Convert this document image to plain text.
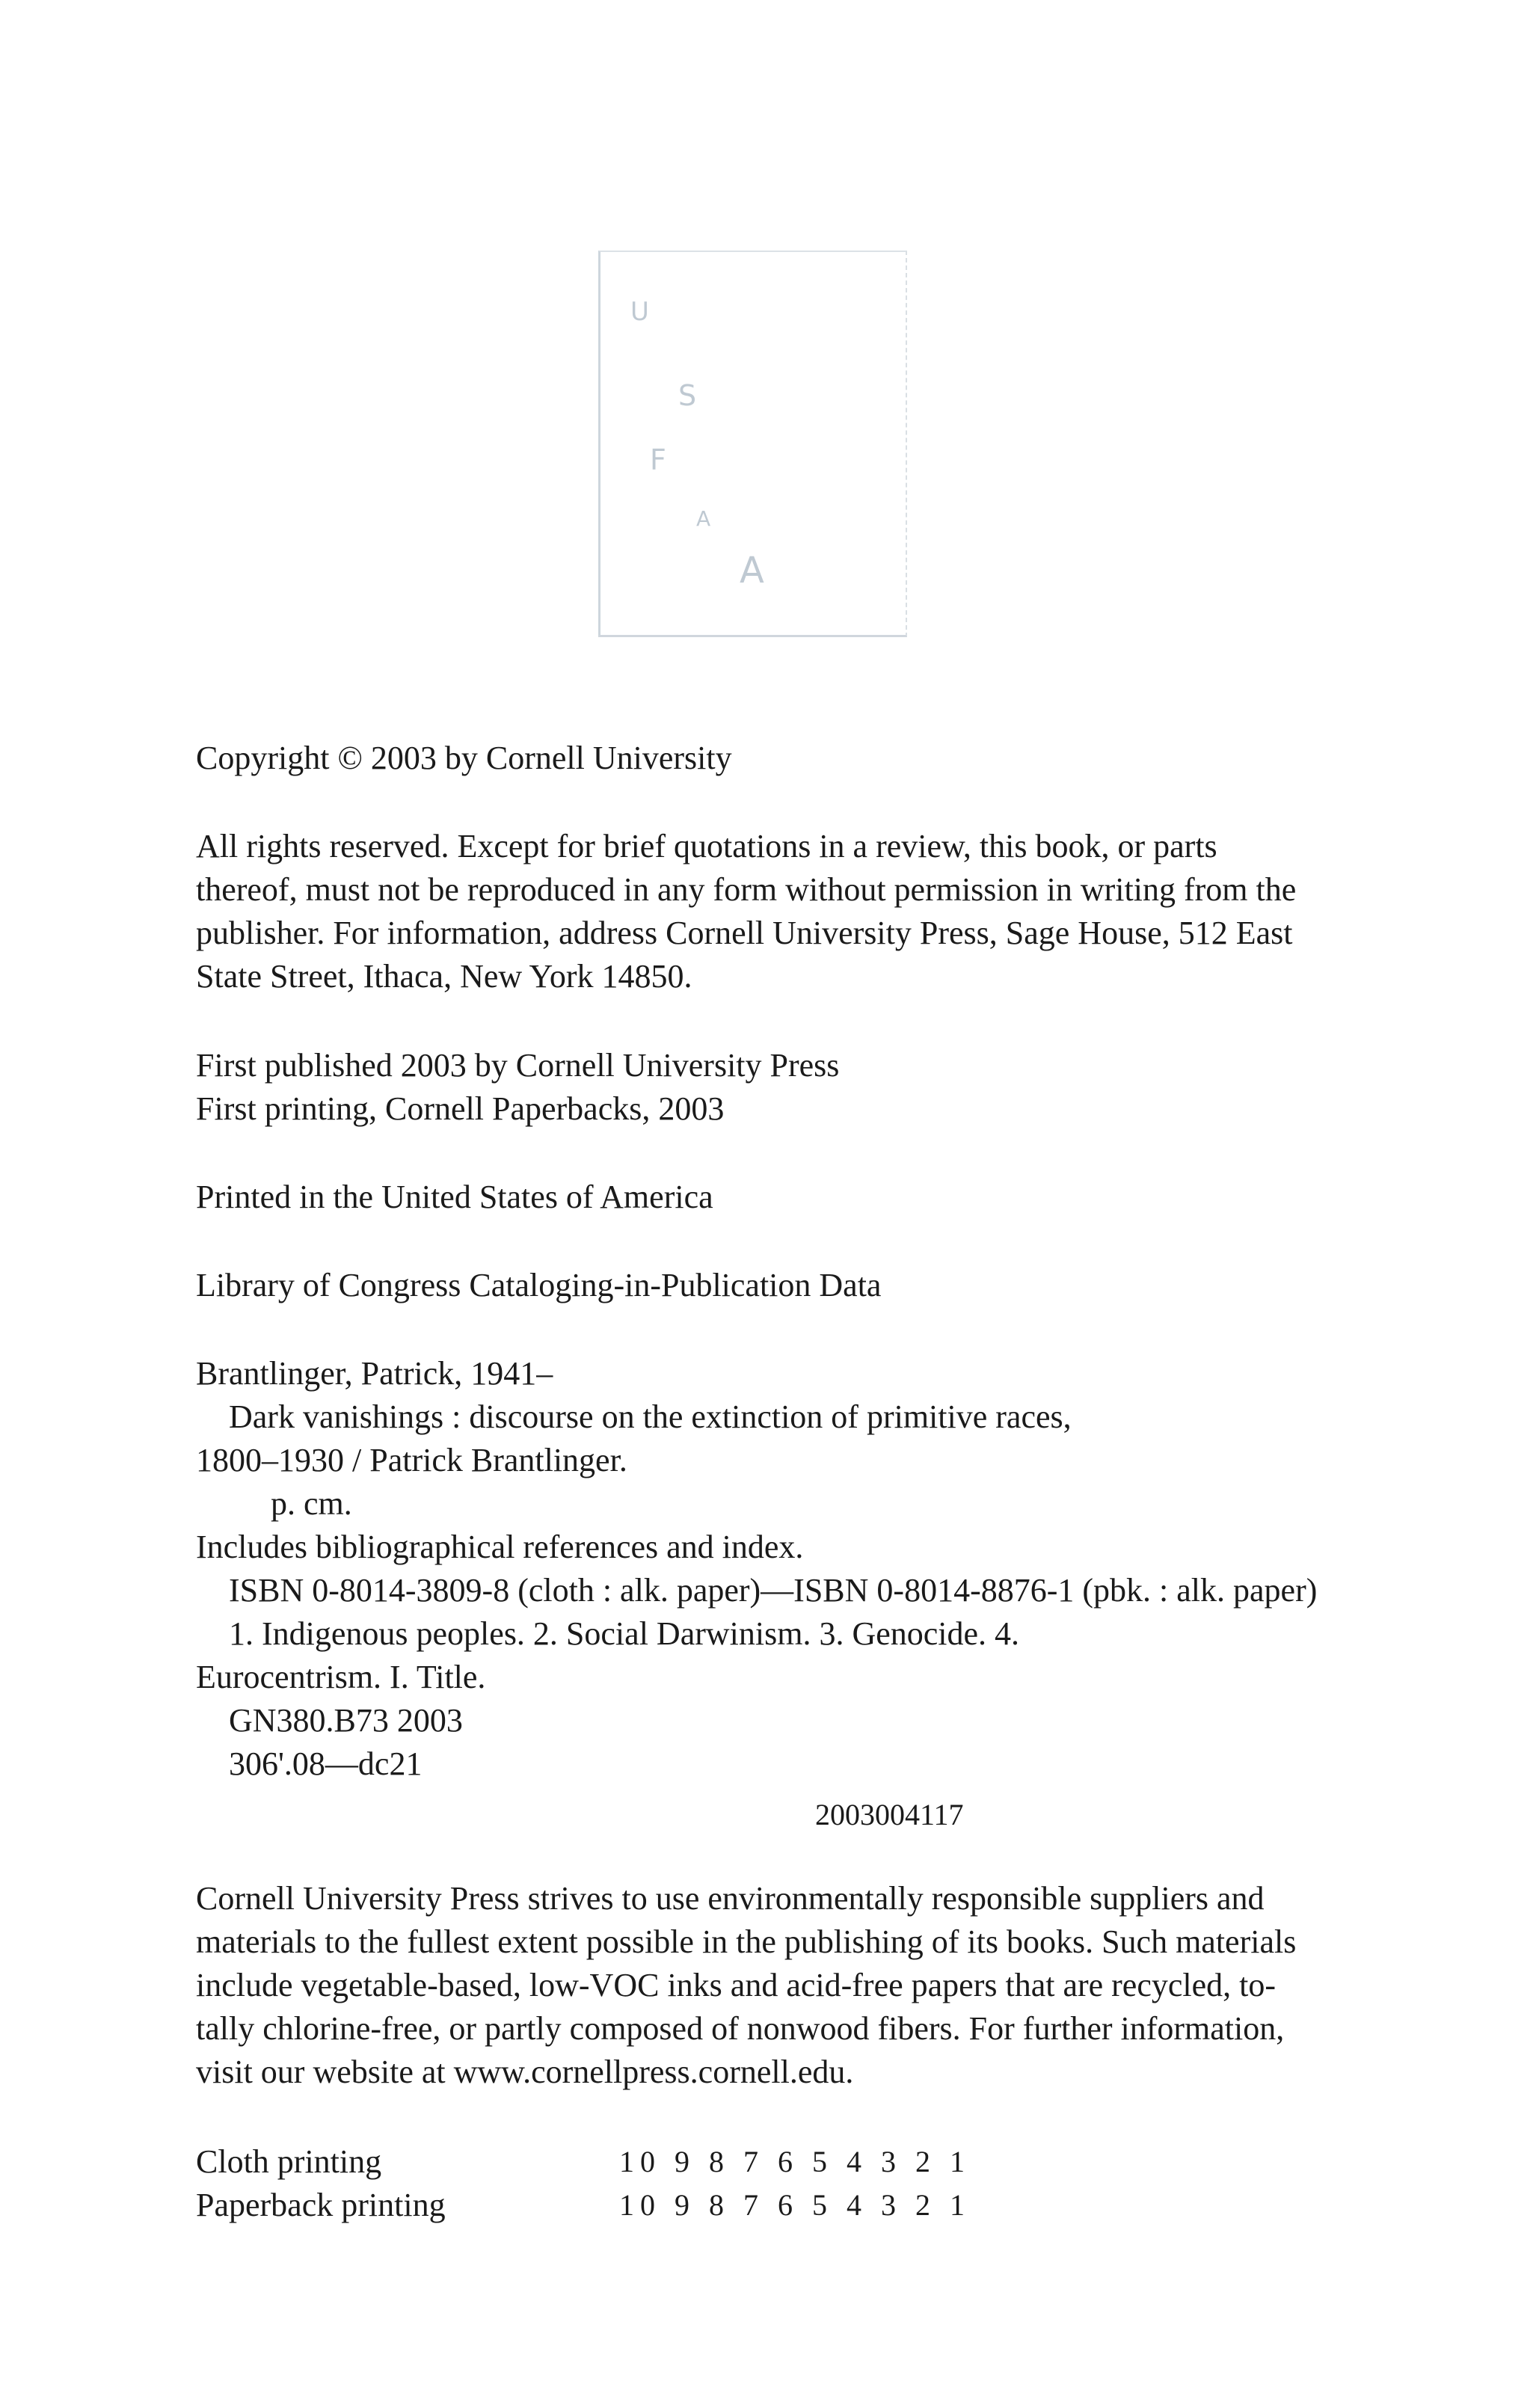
U
S
F
A
A
Copyright © 2003 by Cornell University
All rights reserved. Except for brief quotations in a review, this book, or parts
thereof, must not be reproduced in any form without permission in writing from the
publisher. For information, address Cornell University Press, Sage House, 512 East
State Street, Ithaca, New York 14850.
First published 2003 by Cornell University Press
First printing, Cornell Paperbacks, 2003
Printed in the United States of America
Library of Congress Cataloging-in-Publication Data
Brantlinger, Patrick, 1941–
Dark vanishings : discourse on the extinction of primitive races,
1800–1930 / Patrick Brantlinger.
p. cm.
Includes bibliographical references and index.
ISBN 0-8014-3809-8 (cloth : alk. paper)—ISBN 0-8014-8876-1 (pbk. : alk. paper)
1. Indigenous peoples. 2. Social Darwinism. 3. Genocide. 4.
Eurocentrism. I. Title.
GN380.B73 2003
306'.08—dc21
2003004117
Cornell University Press strives to use environmentally responsible suppliers and
materials to the fullest extent possible in the publishing of its books. Such materials
include vegetable-based, low-VOC inks and acid-free papers that are recycled, to-
tally chlorine-free, or partly composed of nonwood fibers. For further information,
visit our website at www.cornellpress.cornell.edu.
Cloth printing	10 9 8 7 6 5 4 3 2 1
Paperback printing	10 9 8 7 6 5 4 3 2 1
